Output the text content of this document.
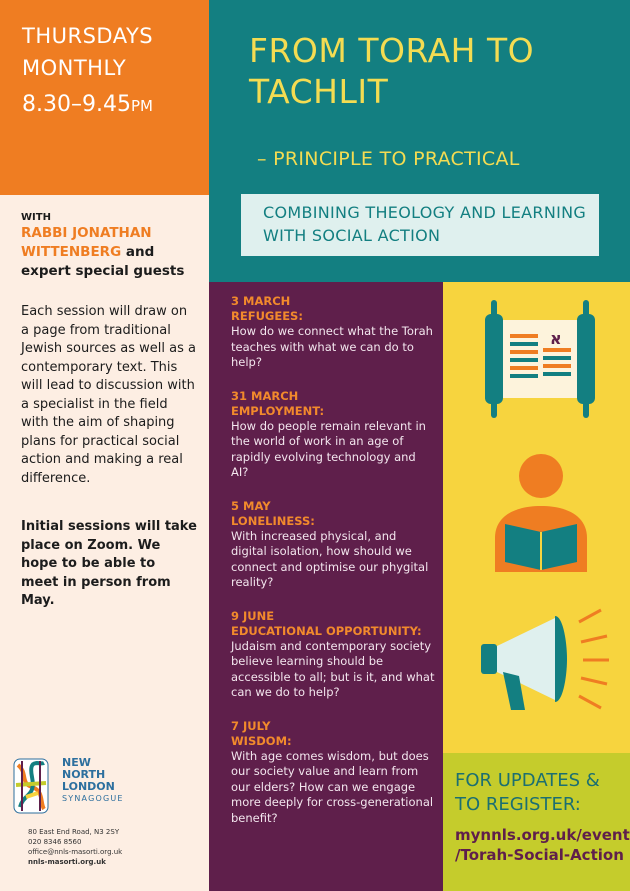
THURSDAYS
MONTHLY
8.30–9.45PM
FROM TORAH TO TACHLIT
– PRINCIPLE TO PRACTICAL
COMBINING THEOLOGY AND LEARNING WITH SOCIAL ACTION
WITH
RABBI JONATHAN WITTENBERG and expert special guests
Each session will draw on a page from traditional Jewish sources as well as a contemporary text. This will lead to discussion with a specialist in the field with the aim of shaping plans for practical social action and making a real difference.
Initial sessions will take place on Zoom. We hope to be able to meet in person from May.
NEW
NORTH
LONDON
SYNAGOGUE
80 East End Road, N3 2SY
020 8346 8560
office@nnls-masorti.org.uk
nnls-masorti.org.uk
3 MARCH
REFUGEES:
How do we connect what the Torah teaches with what we can do to help?
31 MARCH
EMPLOYMENT:
How do people remain relevant in the world of work in an age of rapidly evolving technology and AI?
5 MAY
LONELINESS:
With increased physical, and digital isolation, how should we connect and optimise our phygital reality?
9 JUNE
EDUCATIONAL OPPORTUNITY:
Judaism and contemporary society believe learning should be accessible to all; but is it, and what can we do to help?
7 JULY
WISDOM:
With age comes wisdom, but does our society value and learn from our elders? How can we engage more deeply for cross-generational benefit?
א
FOR UPDATES & TO REGISTER:
mynnls.org.uk/event
/Torah-Social-Action
